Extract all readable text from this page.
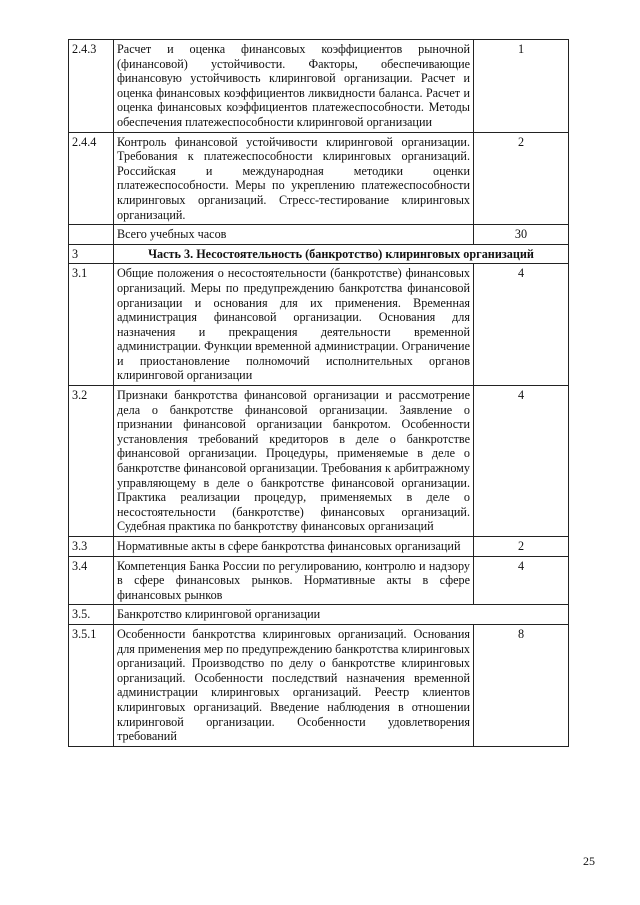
2.4.3	Расчет и оценка финансовых коэффициентов рыночной (финансовой) устойчивости. Факторы, обеспечивающие финансовую устойчивость клиринговой организации. Расчет и оценка финансовых коэффициентов ликвидности баланса. Расчет и оценка финансовых коэффициентов платежеспособности. Методы обеспечения платежеспособности клиринговой организации	1
2.4.4	Контроль финансовой устойчивости клиринговой организации. Требования к платежеспособности клиринговых организаций. Российская и международная методики оценки платежеспособности. Меры по укреплению платежеспособности клиринговых организаций. Стресс-тестирование клиринговых организаций.	2
	Всего учебных часов	30
3	Часть 3. Несостоятельность (банкротство) клиринговых организаций	
3.1	Общие положения о несостоятельности (банкротстве) финансовых организаций. Меры по предупреждению банкротства финансовой организации и основания для их применения. Временная администрация финансовой организации. Основания для назначения и прекращения деятельности временной администрации. Функции временной администрации. Ограничение и приостановление полномочий исполнительных органов клиринговой организации	4
3.2	Признаки банкротства финансовой организации и рассмотрение дела о банкротстве финансовой организации. Заявление о признании финансовой организации банкротом. Особенности установления требований кредиторов в деле о банкротстве финансовой организации. Процедуры, применяемые в деле о банкротстве финансовой организации. Требования к арбитражному управляющему в деле о банкротстве финансовой организации. Практика реализации процедур, применяемых в деле о несостоятельности (банкротстве) финансовых организаций. Судебная практика по банкротству финансовых организаций	4
3.3	Нормативные акты в сфере банкротства финансовых организаций	2
3.4	Компетенция Банка России по регулированию, контролю и надзору в сфере финансовых рынков. Нормативные акты в сфере финансовых рынков	4
3.5.	Банкротство клиринговой организации	
3.5.1	Особенности банкротства клиринговых организаций. Основания для применения мер по предупреждению банкротства клиринговых организаций. Производство по делу о банкротстве клиринговых организаций. Особенности последствий назначения временной администрации клиринговых организаций. Реестр клиентов клиринговых организаций. Введение наблюдения в отношении клиринговой организации. Особенности удовлетворения требований	8
25
